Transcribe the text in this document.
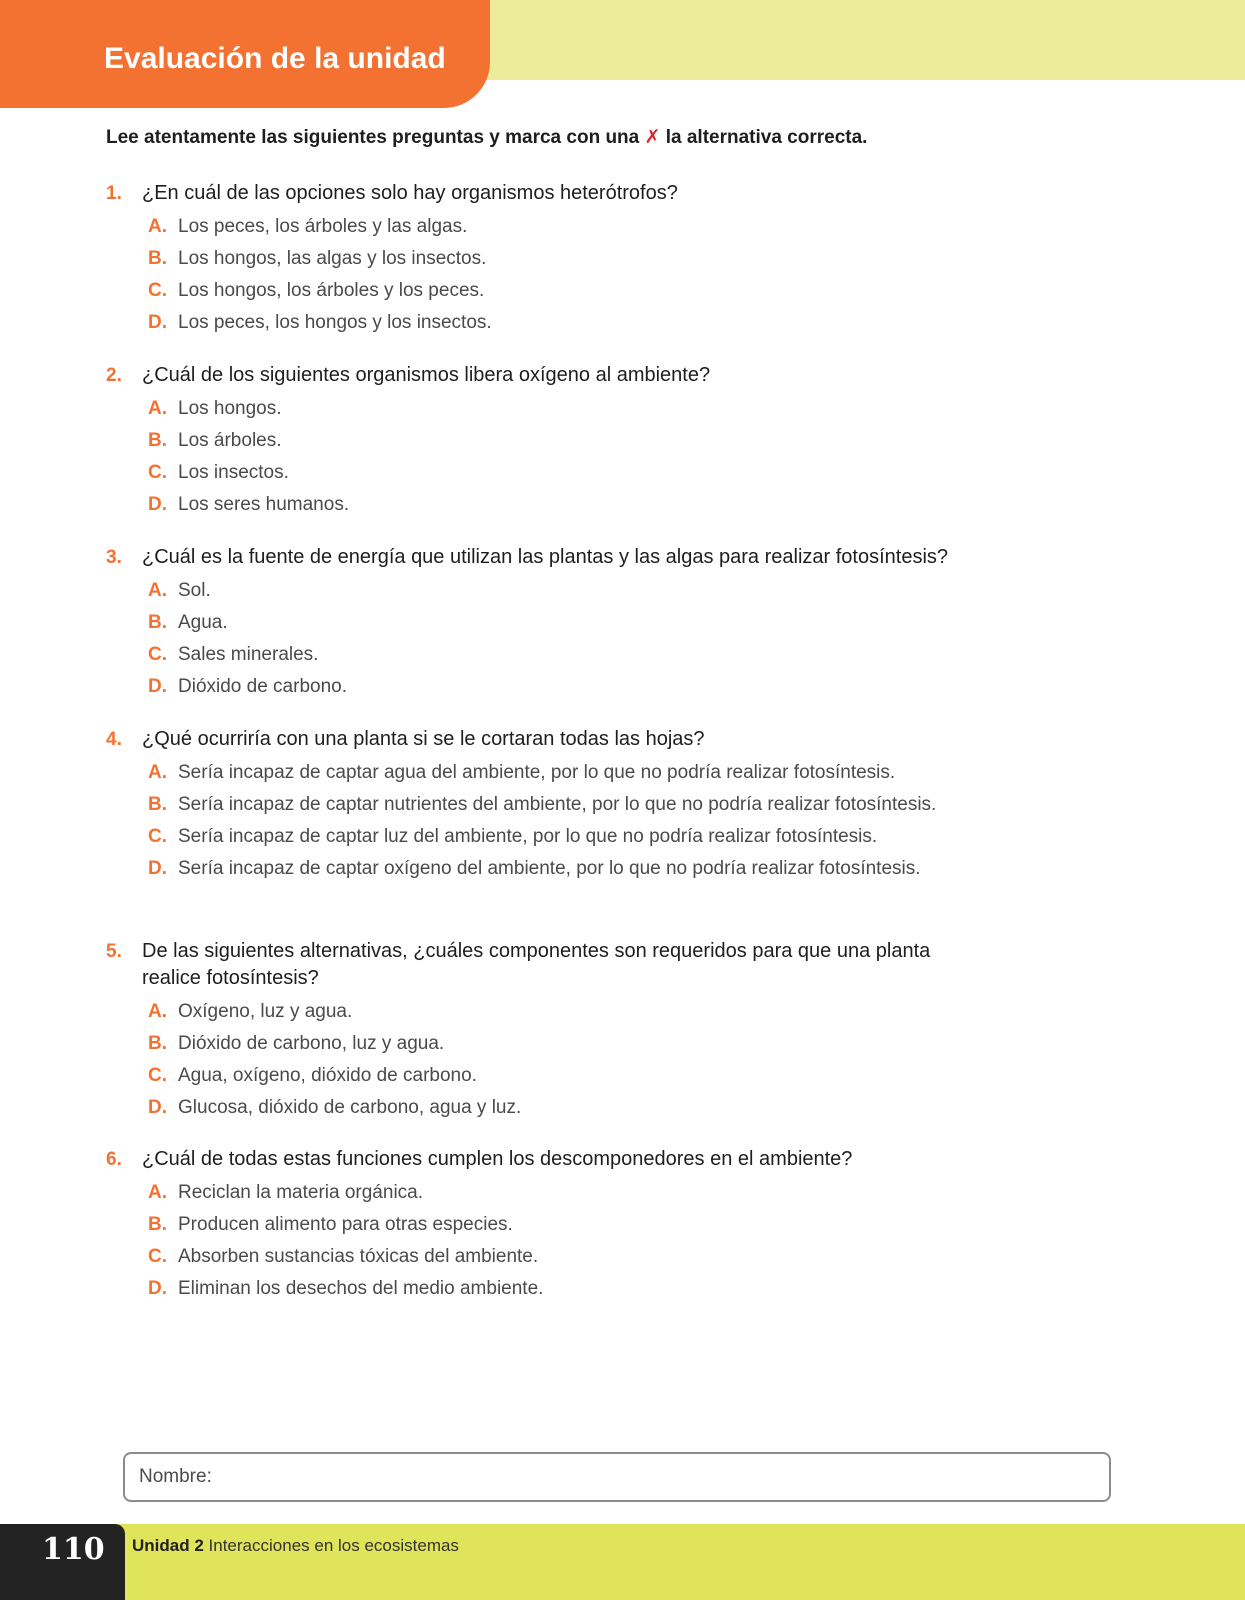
Evaluación de la unidad
Lee atentamente las siguientes preguntas y marca con una ✗ la alternativa correcta.
1.	¿En cuál de las opciones solo hay organismos heterótrofos?
A. Los peces, los árboles y las algas.
B. Los hongos, las algas y los insectos.
C. Los hongos, los árboles y los peces.
D. Los peces, los hongos y los insectos.
2.	¿Cuál de los siguientes organismos libera oxígeno al ambiente?
A. Los hongos.
B. Los árboles.
C. Los insectos.
D. Los seres humanos.
3.	¿Cuál es la fuente de energía que utilizan las plantas y las algas para realizar fotosíntesis?
A. Sol.
B. Agua.
C. Sales minerales.
D. Dióxido de carbono.
4.	¿Qué ocurriría con una planta si se le cortaran todas las hojas?
A. Sería incapaz de captar agua del ambiente, por lo que no podría realizar fotosíntesis.
B. Sería incapaz de captar nutrientes del ambiente, por lo que no podría realizar fotosíntesis.
C. Sería incapaz de captar luz del ambiente, por lo que no podría realizar fotosíntesis.
D. Sería incapaz de captar oxígeno del ambiente, por lo que no podría realizar fotosíntesis.
5.	De las siguientes alternativas, ¿cuáles componentes son requeridos para que una planta realice fotosíntesis?
A. Oxígeno, luz y agua.
B. Dióxido de carbono, luz y agua.
C. Agua, oxígeno, dióxido de carbono.
D. Glucosa, dióxido de carbono, agua y luz.
6.	¿Cuál de todas estas funciones cumplen los descomponedores en el ambiente?
A. Reciclan la materia orgánica.
B. Producen alimento para otras especies.
C. Absorben sustancias tóxicas del ambiente.
D. Eliminan los desechos del medio ambiente.
Nombre:
110 Unidad 2 Interacciones en los ecosistemas
